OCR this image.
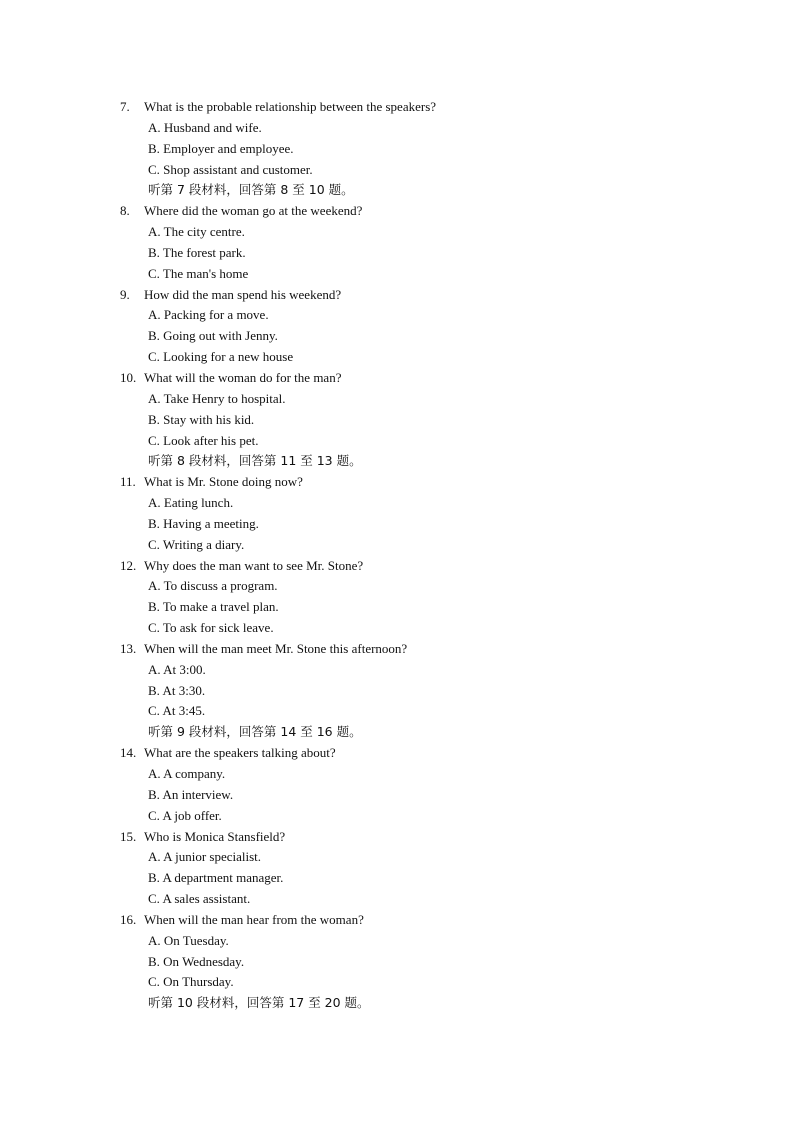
7. What is the probable relationship between the speakers?
A. Husband and wife.
B. Employer and employee.
C. Shop assistant and customer.
听第 7 段材料，回答第 8 至 10 题。
8. Where did the woman go at the weekend?
A. The city centre.
B. The forest park.
C. The man's home
9. How did the man spend his weekend?
A. Packing for a move.
B. Going out with Jenny.
C. Looking for a new house
10. What will the woman do for the man?
A. Take Henry to hospital.
B. Stay with his kid.
C. Look after his pet.
听第 8 段材料，回答第 11 至 13 题。
11. What is Mr. Stone doing now?
A. Eating lunch.
B. Having a meeting.
C. Writing a diary.
12. Why does the man want to see Mr. Stone?
A. To discuss a program.
B. To make a travel plan.
C. To ask for sick leave.
13. When will the man meet Mr. Stone this afternoon?
A. At 3:00.
B. At 3:30.
C. At 3:45.
听第 9 段材料，回答第 14 至 16 题。
14. What are the speakers talking about?
A. A company.
B. An interview.
C. A job offer.
15. Who is Monica Stansfield?
A. A junior specialist.
B. A department manager.
C. A sales assistant.
16. When will the man hear from the woman?
A. On Tuesday.
B. On Wednesday.
C. On Thursday.
听第 10 段材料，回答第 17 至 20 题。
